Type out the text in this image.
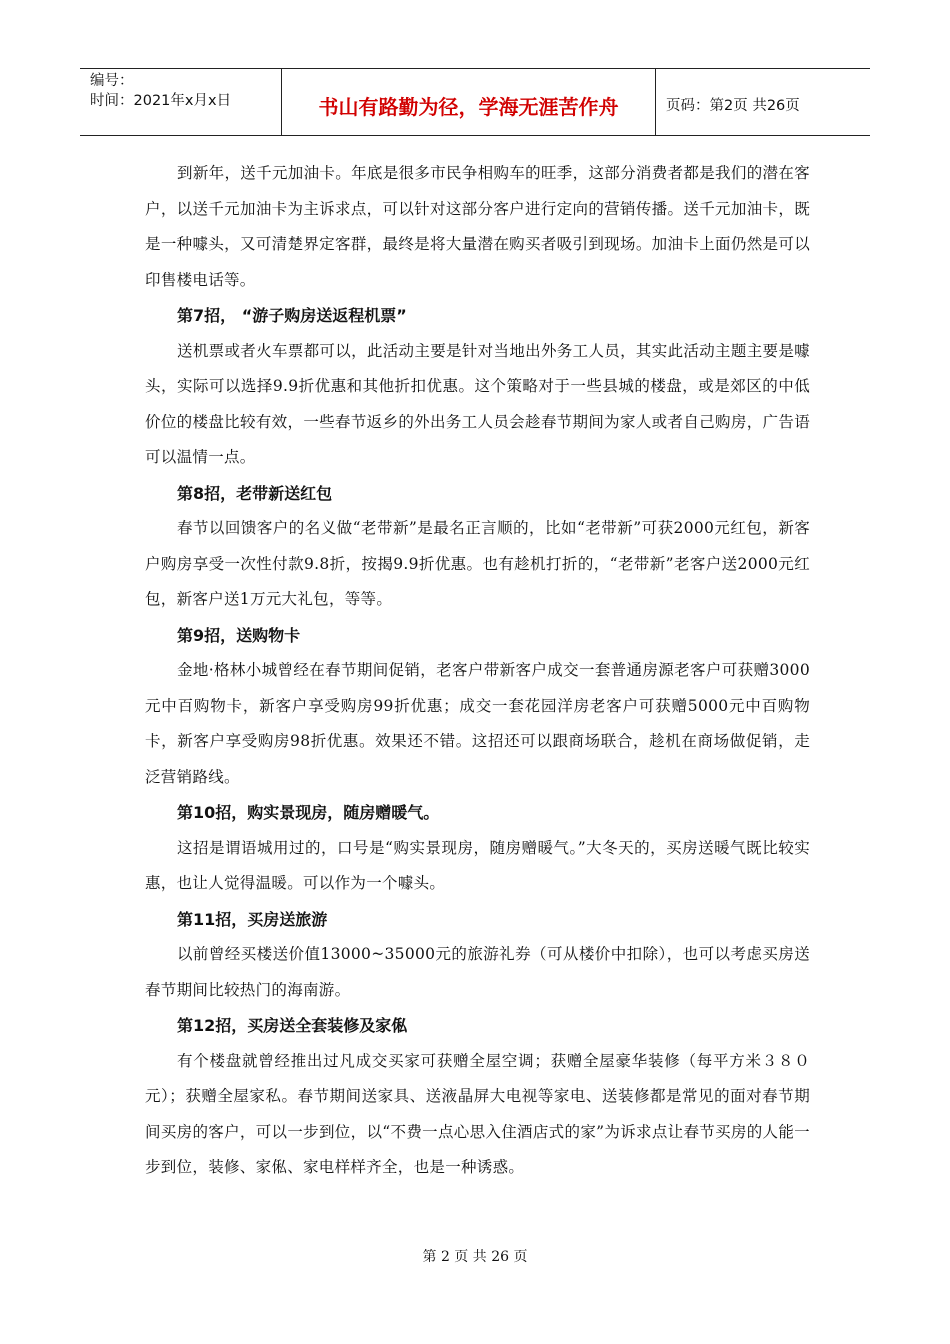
编号：
时间：2021年x月x日	书山有路勤为径，学海无涯苦作舟	页码：第2页 共26页

到新年，送千元加油卡。年底是很多市民争相购车的旺季，这部分消费者都是我们的潜在客户，以送千元加油卡为主诉求点，可以针对这部分客户进行定向的营销传播。送千元加油卡，既是一种噱头，又可清楚界定客群，最终是将大量潜在购买者吸引到现场。加油卡上面仍然是可以印售楼电话等。

第7招， “游子购房送返程机票”

送机票或者火车票都可以，此活动主要是针对当地出外务工人员，其实此活动主题主要是噱头，实际可以选择9.9折优惠和其他折扣优惠。这个策略对于一些县城的楼盘，或是郊区的中低价位的楼盘比较有效，一些春节返乡的外出务工人员会趁春节期间为家人或者自己购房，广告语可以温情一点。

第8招，老带新送红包

春节以回馈客户的名义做“老带新”是最名正言顺的，比如“老带新”可获2000元红包，新客户购房享受一次性付款9.8折，按揭9.9折优惠。也有趁机打折的，“老带新”老客户送2000元红包，新客户送1万元大礼包，等等。

第9招，送购物卡

金地·格林小城曾经在春节期间促销，老客户带新客户成交一套普通房源老客户可获赠3000元中百购物卡，新客户享受购房99折优惠；成交一套花园洋房老客户可获赠5000元中百购物卡，新客户享受购房98折优惠。效果还不错。这招还可以跟商场联合，趁机在商场做促销，走泛营销路线。

第10招，购实景现房，随房赠暖气。

这招是谓语城用过的，口号是“购实景现房，随房赠暖气。”大冬天的，买房送暖气既比较实惠，也让人觉得温暖。可以作为一个噱头。

第11招，买房送旅游

以前曾经买楼送价值13000~35000元的旅游礼券（可从楼价中扣除），也可以考虑买房送春节期间比较热门的海南游。

第12招，买房送全套装修及家俬

有个楼盘就曾经推出过凡成交买家可获赠全屋空调；获赠全屋豪华装修（每平方米３８０元）；获赠全屋家私。春节期间送家具、送液晶屏大电视等家电、送装修都是常见的面对春节期间买房的客户，可以一步到位，以“不费一点心思入住酒店式的家”为诉求点让春节买房的人能一步到位，装修、家俬、家电样样齐全，也是一种诱惑。

第 2 页 共 26 页
